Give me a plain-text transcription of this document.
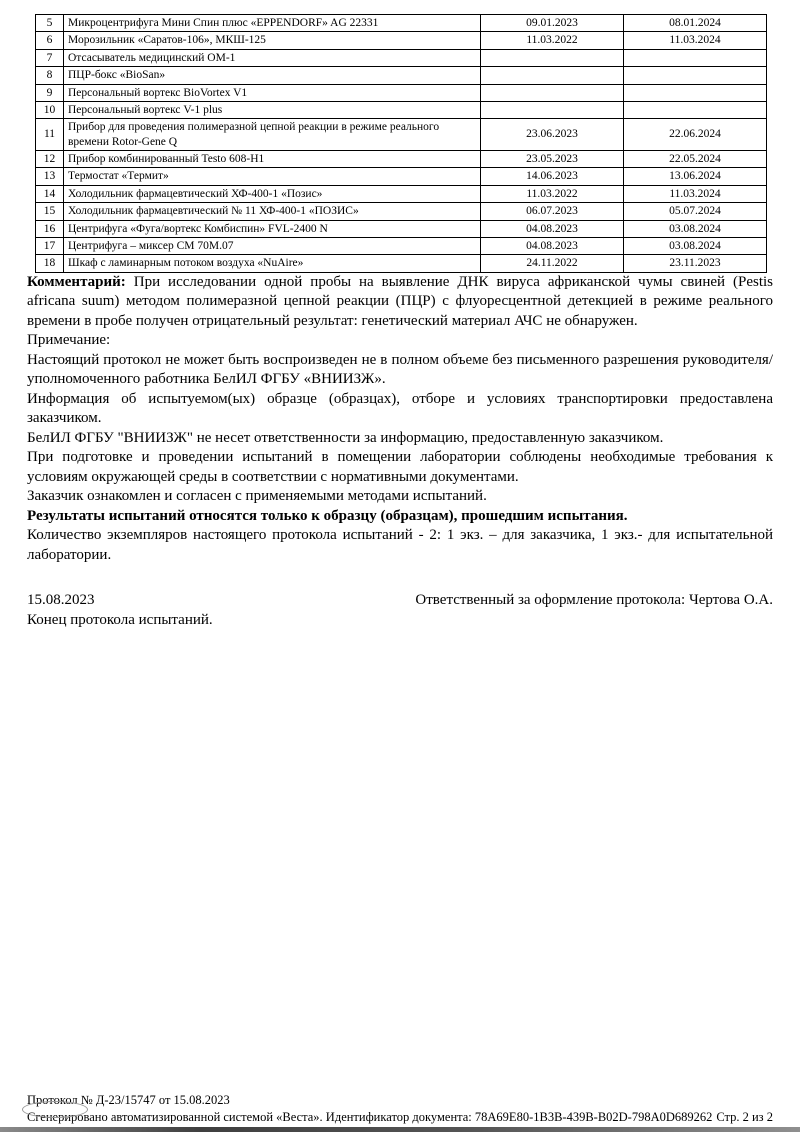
5	Микроцентрифуга Мини Спин плюс «EPPENDORF» AG 22331	09.01.2023	08.01.2024
6	Морозильник «Саратов-106», МКШ-125	11.03.2022	11.03.2024
7	Отсасыватель медицинский ОМ-1		
8	ПЦР-бокс «BioSan»		
9	Персональный вортекс BioVortex V1		
10	Персональный вортекс V-1 plus		
11	Прибор для проведения полимеразной цепной реакции в режиме реального времени Rotor-Gene Q	23.06.2023	22.06.2024
12	Прибор комбинированный Testo 608-Н1	23.05.2023	22.05.2024
13	Термостат «Термит»	14.06.2023	13.06.2024
14	Холодильник фармацевтический ХФ-400-1 «Позис»	11.03.2022	11.03.2024
15	Холодильник фармацевтический № 11 ХФ-400-1 «ПОЗИС»	06.07.2023	05.07.2024
16	Центрифуга «Фуга/вортекс Комбиспин» FVL-2400 N	04.08.2023	03.08.2024
17	Центрифуга – миксер СМ 70М.07	04.08.2023	03.08.2024
18	Шкаф с ламинарным потоком воздуха «NuAire»	24.11.2022	23.11.2023

Комментарий: При исследовании одной пробы на выявление ДНК вируса африканской чумы свиней (Pestis africana suum) методом полимеразной цепной реакции (ПЦР) с флуоресцентной детекцией в режиме реального времени в пробе получен отрицательный результат: генетический материал АЧС не обнаружен.

Примечание:

Настоящий протокол не может быть воспроизведен не в полном объеме без письменного разрешения руководителя/уполномоченного работника БелИЛ ФГБУ «ВНИИЗЖ».

Информация об испытуемом(ых) образце (образцах), отборе и условиях транспортировки предоставлена заказчиком.

БелИЛ ФГБУ "ВНИИЗЖ" не несет ответственности за информацию, предоставленную заказчиком.

При подготовке и проведении испытаний в помещении лаборатории соблюдены необходимые требования к условиям окружающей среды в соответствии с нормативными документами.

Заказчик ознакомлен и согласен с применяемыми методами испытаний.

Результаты испытаний относятся только к образцу (образцам), прошедшим испытания.

Количество экземпляров настоящего протокола испытаний - 2: 1 экз. – для заказчика, 1 экз.- для испытательной лаборатории.

15.08.2023	Ответственный за оформление протокола: Чертова О.А.

Конец протокола испытаний.

Протокол № Д-23/15747 от 15.08.2023
Сгенерировано автоматизированной системой «Веста». Идентификатор документа: 78A69E80-1B3B-439B-B02D-798A0D689262 Стр. 2 из 2
